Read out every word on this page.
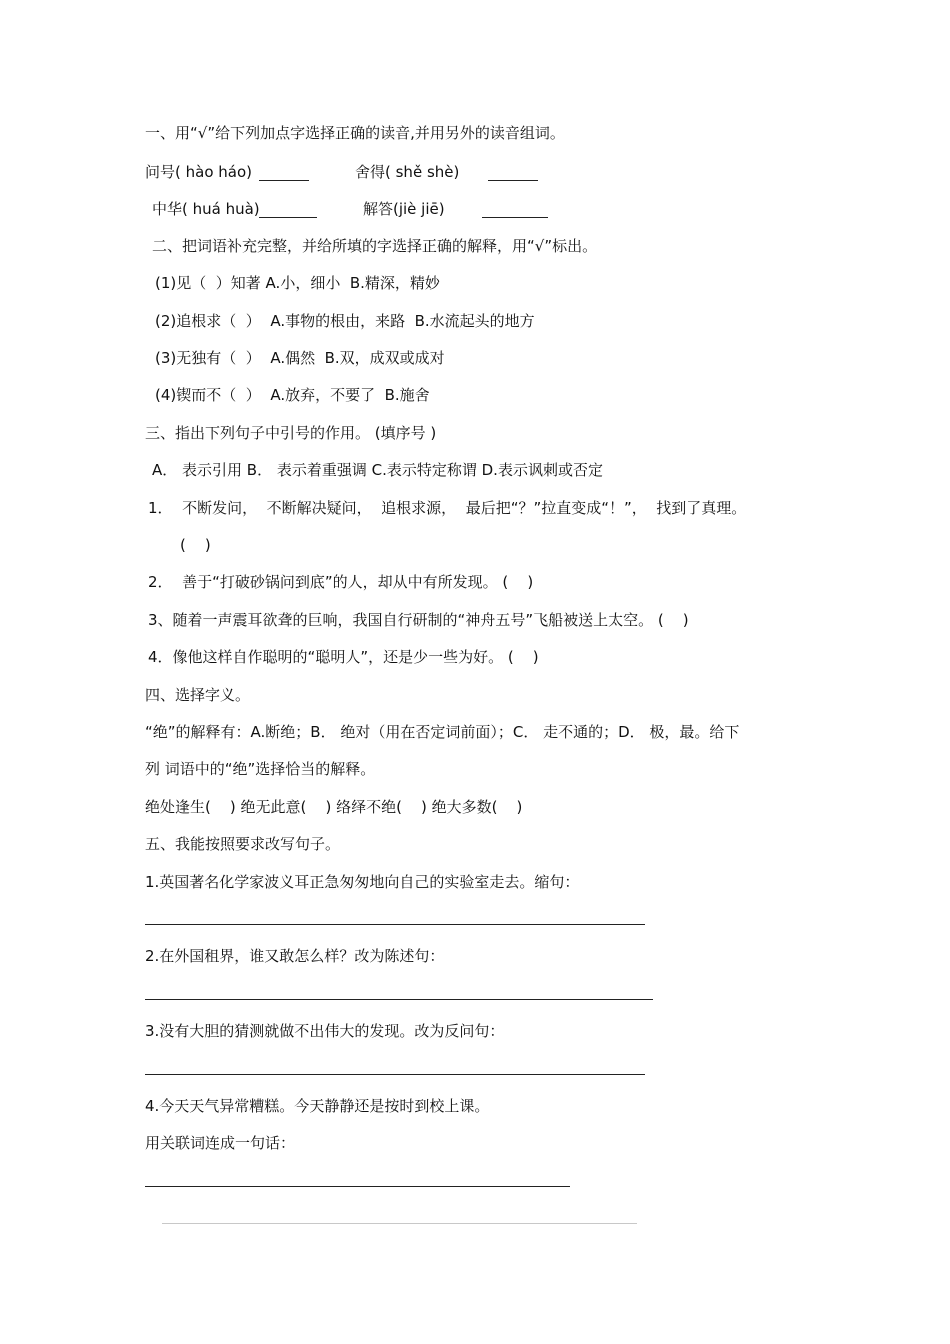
一、用“√”给下列加点字选择正确的读音,并用另外的读音组词。
问号( hào háo)	舍得( shě shè)
中华( huá huà)	解答(jiè jiē)
二、把词语补充完整，并给所填的字选择正确的解释，用“√”标出。
(1)见（  ）知著 A.小，细小  B.精深，精妙
(2)追根求（  ）  A.事物的根由，来路  B.水流起头的地方
(3)无独有（  ）  A.偶然  B.双，成双或成对
(4)锲而不（  ）  A.放弃，不要了  B.施舍
三、指出下列句子中引号的作用。 (填序号 )
A． 表示引用 B． 表示着重强调 C.表示特定称谓 D.表示讽刺或否定
1．  不断发问，  不断解决疑问，  追根求源，  最后把“？”拉直变成“！”，  找到了真理。
(    )
2．  善于“打破砂锅问到底”的人，却从中有所发现。 (    )
3、随着一声震耳欲聋的巨响，我国自行研制的“神舟五号”飞船被送上太空。 (    )
4．像他这样自作聪明的“聪明人”，还是少一些为好。 (    )
四、选择字义。
“绝”的解释有：A.断绝；B． 绝对（用在否定词前面）；C． 走不通的；D． 极，最。给下
列 词语中的“绝”选择恰当的解释。
绝处逢生(    ) 绝无此意(    ) 络绎不绝(    ) 绝大多数(    )
五、我能按照要求改写句子。
1.英国著名化学家波义耳正急匆匆地向自己的实验室走去。缩句：
2.在外国租界，谁又敢怎么样？改为陈述句：
3.没有大胆的猜测就做不出伟大的发现。改为反问句：
4.今天天气异常糟糕。今天静静还是按时到校上课。
用关联词连成一句话：
